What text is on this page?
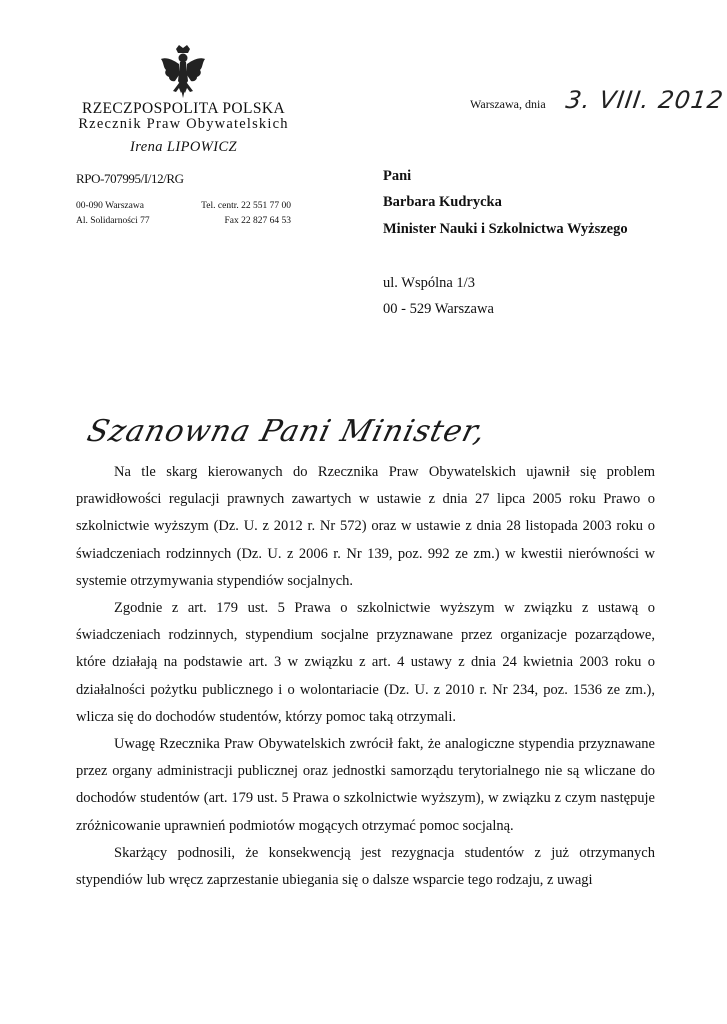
RZECZPOSPOLITA POLSKA
Rzecznik Praw Obywatelskich
Irena LIPOWICZ
RPO-707995/I/12/RG
00-090 Warszawa
Al. Solidarności 77
Tel. centr. 22 551 77 00
Fax 22 827 64 53
Warszawa, dnia 3. VIII. 2012
Pani
Barbara Kudrycka
Minister Nauki i Szkolnictwa Wyższego
ul. Wspólna 1/3
00 - 529 Warszawa
Szanowna Pani Minister,

Na tle skarg kierowanych do Rzecznika Praw Obywatelskich ujawnił się problem prawidłowości regulacji prawnych zawartych w ustawie z dnia 27 lipca 2005 roku Prawo o szkolnictwie wyższym (Dz. U. z 2012 r. Nr 572) oraz w ustawie z dnia 28 listopada 2003 roku o świadczeniach rodzinnych (Dz. U. z 2006 r. Nr 139, poz. 992 ze zm.) w kwestii nierówności w systemie otrzymywania stypendiów socjalnych.

Zgodnie z art. 179 ust. 5 Prawa o szkolnictwie wyższym w związku z ustawą o świadczeniach rodzinnych, stypendium socjalne przyznawane przez organizacje pozarządowe, które działają na podstawie art. 3 w związku z art. 4 ustawy z dnia 24 kwietnia 2003 roku o działalności pożytku publicznego i o wolontariacie (Dz. U. z 2010 r. Nr 234, poz. 1536 ze zm.), wlicza się do dochodów studentów, którzy pomoc taką otrzymali.

Uwagę Rzecznika Praw Obywatelskich zwrócił fakt, że analogiczne stypendia przyznawane przez organy administracji publicznej oraz jednostki samorządu terytorialnego nie są wliczane do dochodów studentów (art. 179 ust. 5 Prawa o szkolnictwie wyższym), w związku z czym następuje zróżnicowanie uprawnień podmiotów mogących otrzymać pomoc socjalną.

Skarżący podnosili, że konsekwencją jest rezygnacja studentów z już otrzymanych stypendiów lub wręcz zaprzestanie ubiegania się o dalsze wsparcie tego rodzaju, z uwagi
